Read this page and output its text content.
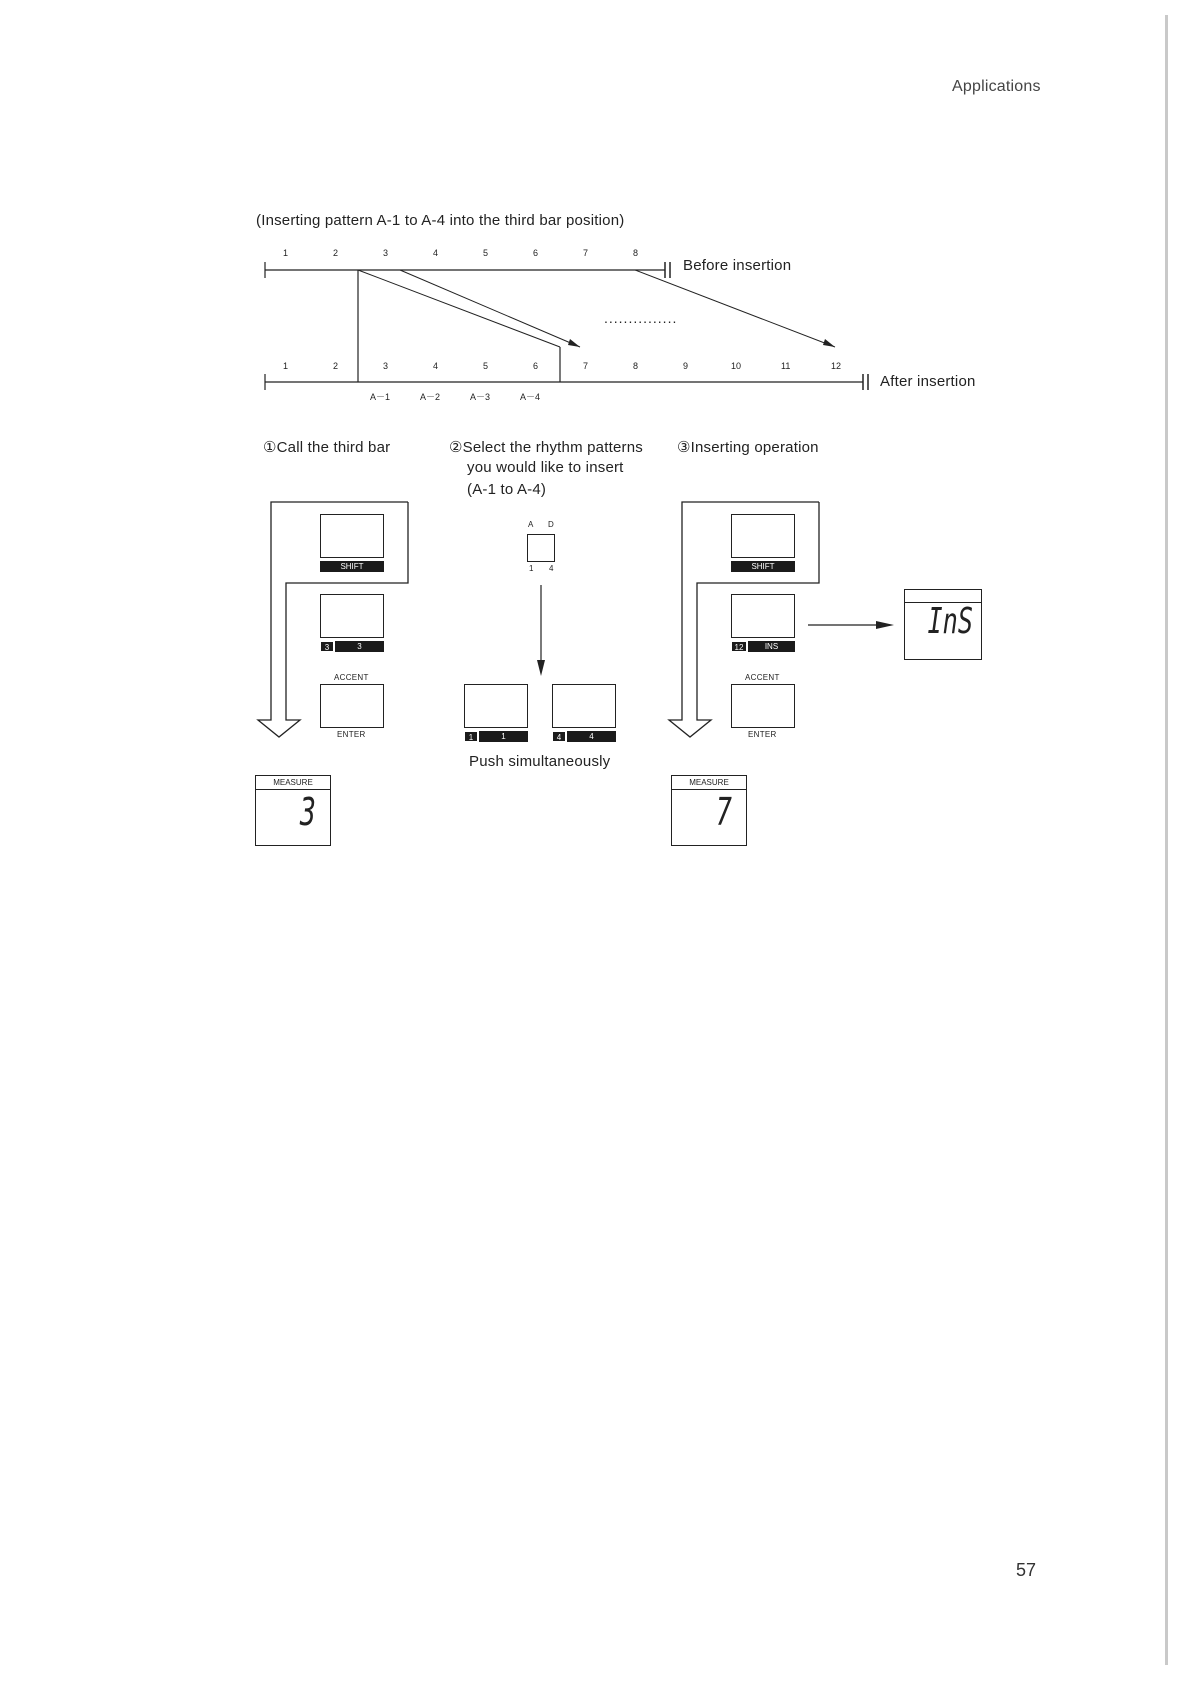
Applications
(Inserting pattern A-1 to A-4 into the third bar position)
1	2	3	4	5	6	7	8
Before insertion
...............
1	2	3	4	5	6	7	8	9	10	11	12
After insertion
A－1	A－2	A－3	A－4
①Call the third bar	②Select the rhythm patterns
you would like to insert
(A-1 to A-4)
③Inserting operation
SHIFT
3	3
ACCENT
ENTER
MEASURE
3
A D
1 4
1	1	4	4
Push simultaneously
SHIFT
12	INS
ACCENT
ENTER
MEASURE
7
InS
57
